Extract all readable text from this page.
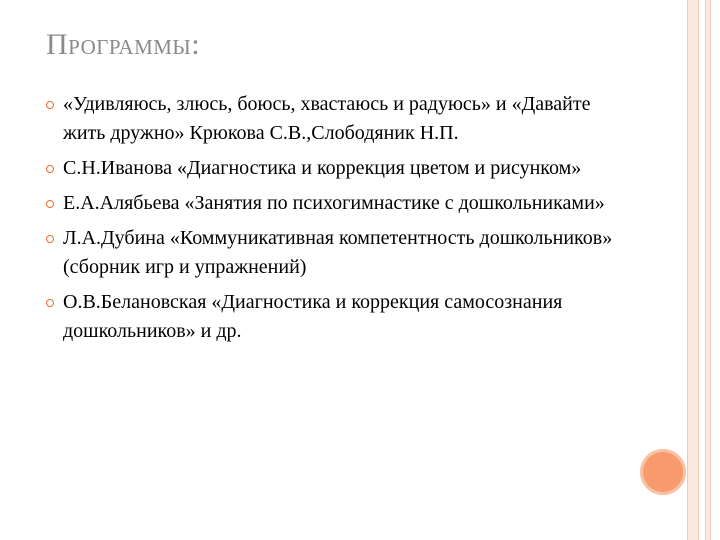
Программы:
«Удивляюсь, злюсь, боюсь, хвастаюсь и радуюсь» и «Давайте жить дружно» Крюкова С.В.,Слободяник Н.П.
С.Н.Иванова «Диагностика и коррекция цветом и рисунком»
Е.А.Алябьева «Занятия по психогимнастике с дошкольниками»
Л.А.Дубина «Коммуникативная компетентность дошкольников» (сборник игр и упражнений)
О.В.Белановская «Диагностика и коррекция самосознания дошкольников» и др.
